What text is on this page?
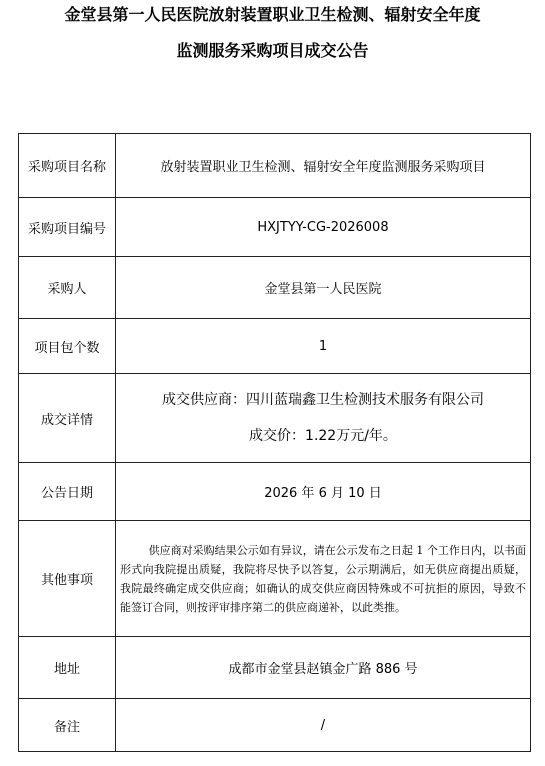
金堂县第一人民医院放射装置职业卫生检测、辐射安全年度
监测服务采购项目成交公告
采购项目名称	放射装置职业卫生检测、辐射安全年度监测服务采购项目
采购项目编号	HXJTYY-CG-2026008
采购人	金堂县第一人民医院
项目包个数	1
成交详情	成交供应商：四川蓝瑞鑫卫生检测技术服务有限公司
成交价：1.22万元/年。

公告日期	2026 年 6 月 10 日
其他事项	供应商对采购结果公示如有异议，请在公示发布之日起 1 个工作日内，以书面形式向我院提出质疑，我院将尽快予以答复，公示期满后，如无供应商提出质疑，我院最终确定成交供应商；如确认的成交供应商因特殊或不可抗拒的原因，导致不能签订合同，则按评审排序第二的供应商递补，以此类推。

地址	成都市金堂县赵镇金广路 886 号
备注	/
